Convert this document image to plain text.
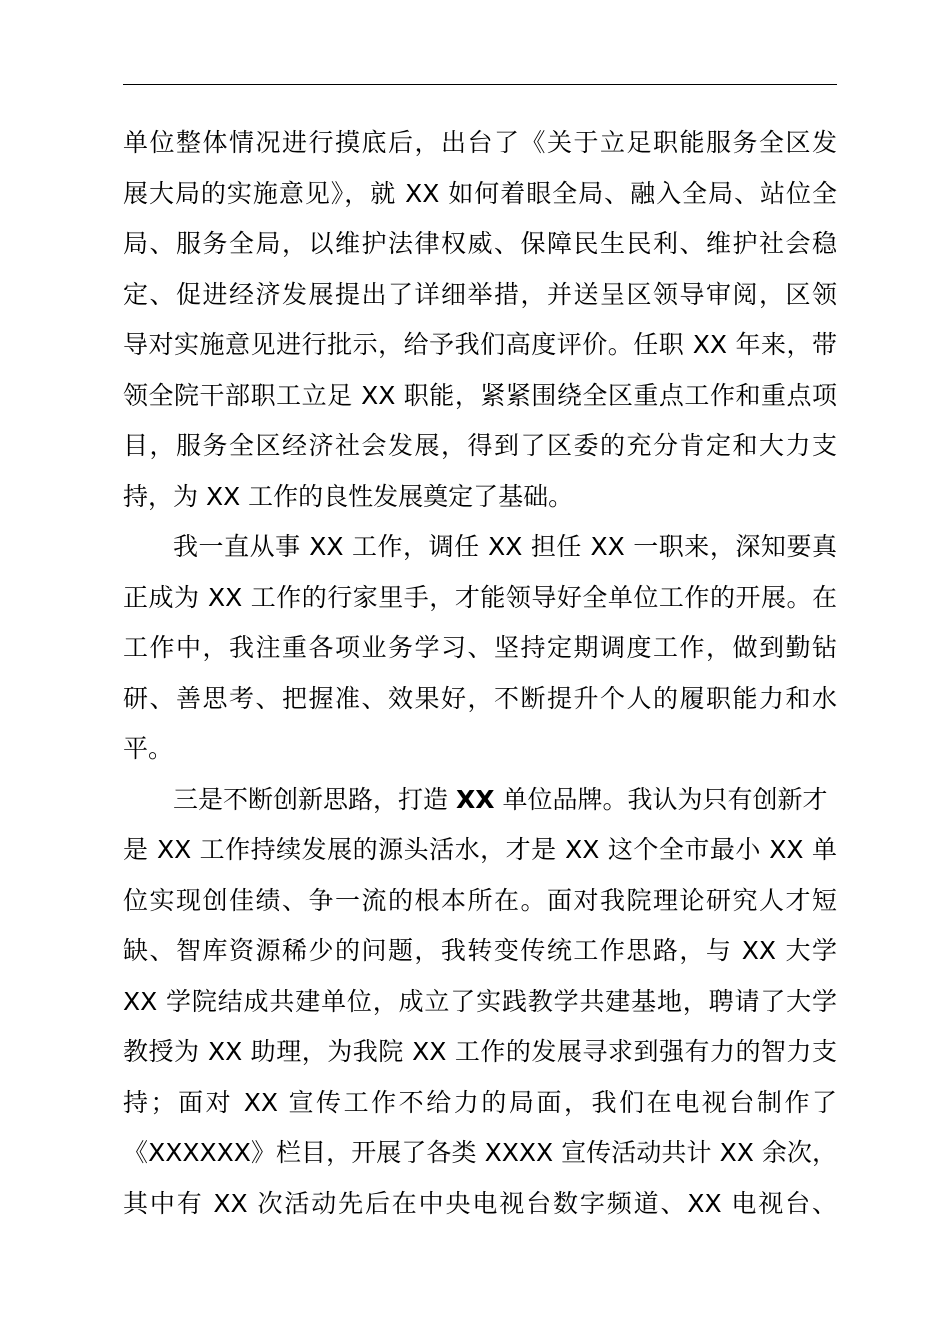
单位整体情况进行摸底后，出台了《关于立足职能服务全区发
展大局的实施意见》，就 XX 如何着眼全局、融入全局、站位全
局、服务全局，以维护法律权威、保障民生民利、维护社会稳
定、促进经济发展提出了详细举措，并送呈区领导审阅，区领
导对实施意见进行批示，给予我们高度评价。任职 XX 年来，带
领全院干部职工立足 XX 职能，紧紧围绕全区重点工作和重点项
目，服务全区经济社会发展，得到了区委的充分肯定和大力支
持，为 XX 工作的良性发展奠定了基础。
我一直从事 XX 工作，调任 XX 担任 XX 一职来，深知要真
正成为 XX 工作的行家里手，才能领导好全单位工作的开展。在
工作中，我注重各项业务学习、坚持定期调度工作，做到勤钻
研、善思考、把握准、效果好，不断提升个人的履职能力和水
平。
三是不断创新思路，打造 XX 单位品牌。我认为只有创新才
是 XX 工作持续发展的源头活水，才是 XX 这个全市最小 XX 单
位实现创佳绩、争一流的根本所在。面对我院理论研究人才短
缺、智库资源稀少的问题，我转变传统工作思路，与 XX 大学
XX 学院结成共建单位，成立了实践教学共建基地，聘请了大学
教授为 XX 助理，为我院 XX 工作的发展寻求到强有力的智力支
持；面对 XX 宣传工作不给力的局面，我们在电视台制作了
《XXXXXX》栏目，开展了各类 XXXX 宣传活动共计 XX 余次，
其中有 XX 次活动先后在中央电视台数字频道、XX 电视台、
